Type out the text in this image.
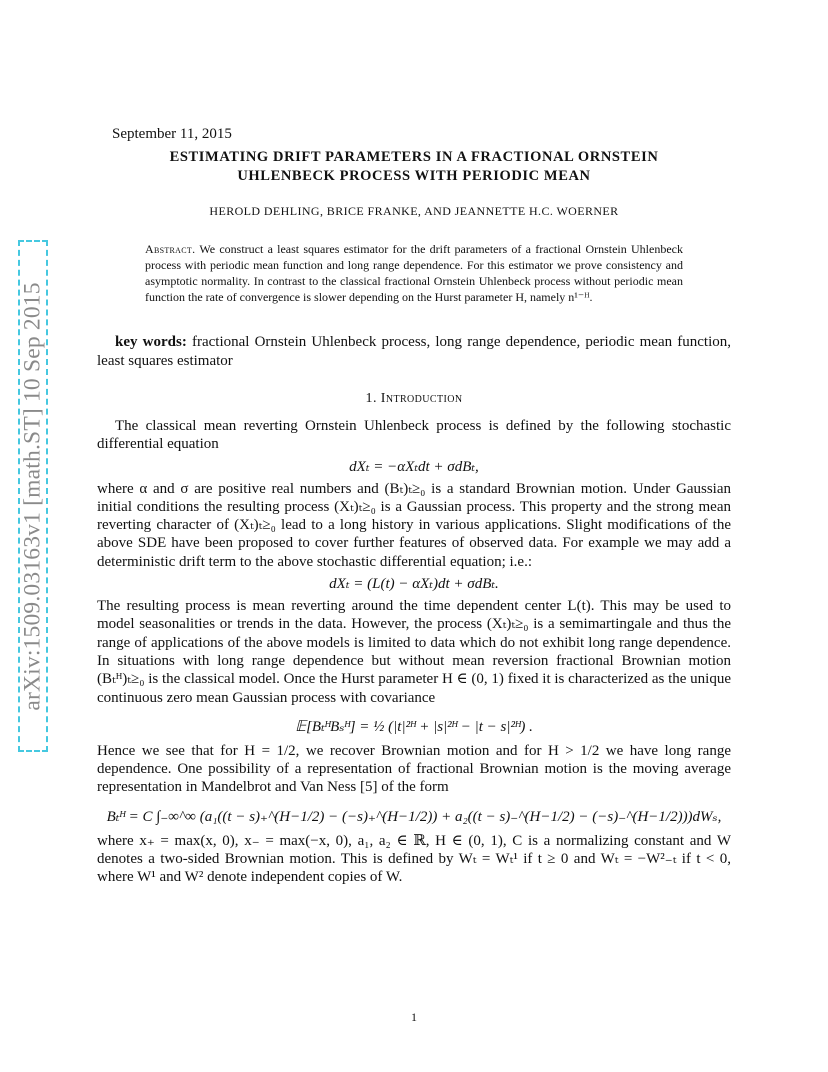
arXiv:1509.03163v1 [math.ST] 10 Sep 2015
September 11, 2015
ESTIMATING DRIFT PARAMETERS IN A FRACTIONAL ORNSTEIN
UHLENBECK PROCESS WITH PERIODIC MEAN
HEROLD DEHLING, BRICE FRANKE, AND JEANNETTE H.C. WOERNER
Abstract. We construct a least squares estimator for the drift parameters of a fractional Ornstein Uhlenbeck process with periodic mean function and long range dependence. For this estimator we prove consistency and asymptotic normality. In contrast to the classical fractional Ornstein Uhlenbeck process without periodic mean function the rate of convergence is slower depending on the Hurst parameter H, namely n¹⁻ᴴ.
key words: fractional Ornstein Uhlenbeck process, long range dependence, periodic mean function, least squares estimator
1. Introduction

The classical mean reverting Ornstein Uhlenbeck process is defined by the following stochastic differential equation

dXₜ = −αXₜdt + σdBₜ,

where α and σ are positive real numbers and (Bₜ)ₜ≥₀ is a standard Brownian motion. Under Gaussian initial conditions the resulting process (Xₜ)ₜ≥₀ is a Gaussian process. This property and the strong mean reverting character of (Xₜ)ₜ≥₀ lead to a long history in various applications. Slight modifications of the above SDE have been proposed to cover further features of observed data. For example we may add a deterministic drift term to the above stochastic differential equation; i.e.:

dXₜ = (L(t) − αXₜ)dt + σdBₜ.

The resulting process is mean reverting around the time dependent center L(t). This may be used to model seasonalities or trends in the data. However, the process (Xₜ)ₜ≥₀ is a semimartingale and thus the range of applications of the above models is limited to data which do not exhibit long range dependence. In situations with long range dependence but without mean reversion fractional Brownian motion (Bₜᴴ)ₜ≥₀ is the classical model. Once the Hurst parameter H ∈ (0, 1) fixed it is characterized as the unique continuous zero mean Gaussian process with covariance

𝔼[BₜᴴBₛᴴ] = ½ (|t|²ᴴ + |s|²ᴴ − |t − s|²ᴴ) .

Hence we see that for H = 1/2, we recover Brownian motion and for H > 1/2 we have long range dependence. One possibility of a representation of fractional Brownian motion is the moving average representation in Mandelbrot and Van Ness [5] of the form

Bₜᴴ = C ∫₋∞^∞ (a₁((t − s)₊^(H−1/2) − (−s)₊^(H−1/2)) + a₂((t − s)₋^(H−1/2) − (−s)₋^(H−1/2)))dWₛ,

where x₊ = max(x, 0), x₋ = max(−x, 0), a₁, a₂ ∈ ℝ, H ∈ (0, 1), C is a normalizing constant and W denotes a two-sided Brownian motion. This is defined by Wₜ = Wₜ¹ if t ≥ 0 and Wₜ = −W²₋ₜ if t < 0, where W¹ and W² denote independent copies of W.

1
